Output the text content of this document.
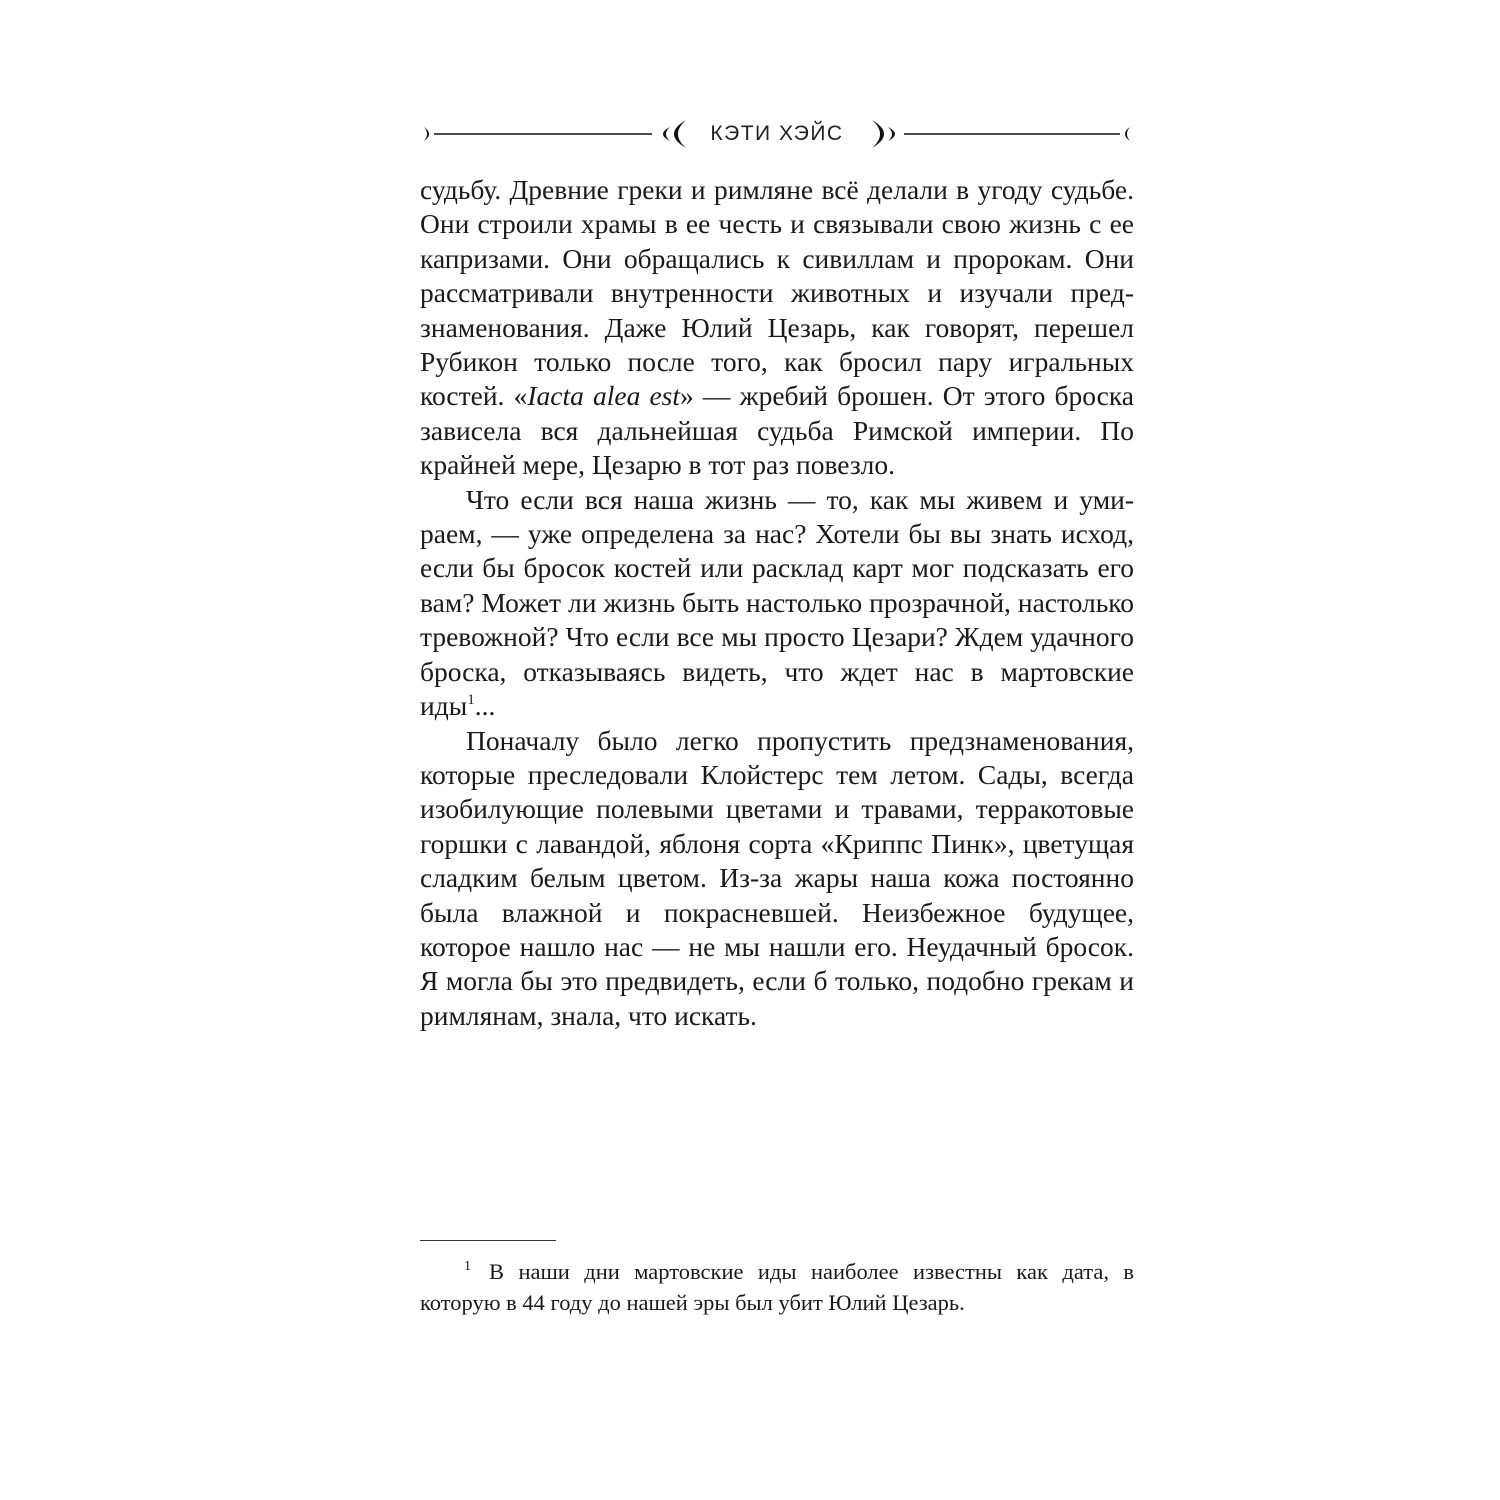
КЭТИ ХЭЙС

судьбу. Древние греки и римляне всё делали в угоду судьбе. Они строили храмы в ее честь и связывали свою жизнь с ее капризами. Они обращались к сивиллам и пророкам. Они рассматривали внутренности животных и изучали предзнаменования. Даже Юлий Цезарь, как говорят, перешел Рубикон только после того, как бросил пару игральных костей. «Iacta alea est» — жребий брошен. От этого броска зависела вся дальнейшая судьба Римской империи. По крайней мере, Цезарю в тот раз повезло.

Что если вся наша жизнь — то, как мы живем и умираем, — уже определена за нас? Хотели бы вы знать исход, если бы бросок костей или расклад карт мог подсказать его вам? Может ли жизнь быть настолько прозрачной, настолько тревожной? Что если все мы просто Цезари? Ждем удачного броска, отказываясь видеть, что ждет нас в мартовские иды$^1$...

Поначалу было легко пропустить предзнаменования, которые преследовали Клойстерс тем летом. Сады, всегда изобилующие полевыми цветами и травами, терракотовые горшки с лавандой, яблоня сорта «Криппс Пинк», цветущая сладким белым цветом. Из-за жары наша кожа постоянно была влажной и покрасневшей. Неизбежное будущее, которое нашло нас — не мы нашли его. Неудачный бросок. Я могла бы это предвидеть, если б только, подобно грекам и римлянам, знала, что искать.

$^1$ В наши дни мартовские иды наиболее известны как дата, в которую в 44 году до нашей эры был убит Юлий Цезарь.
